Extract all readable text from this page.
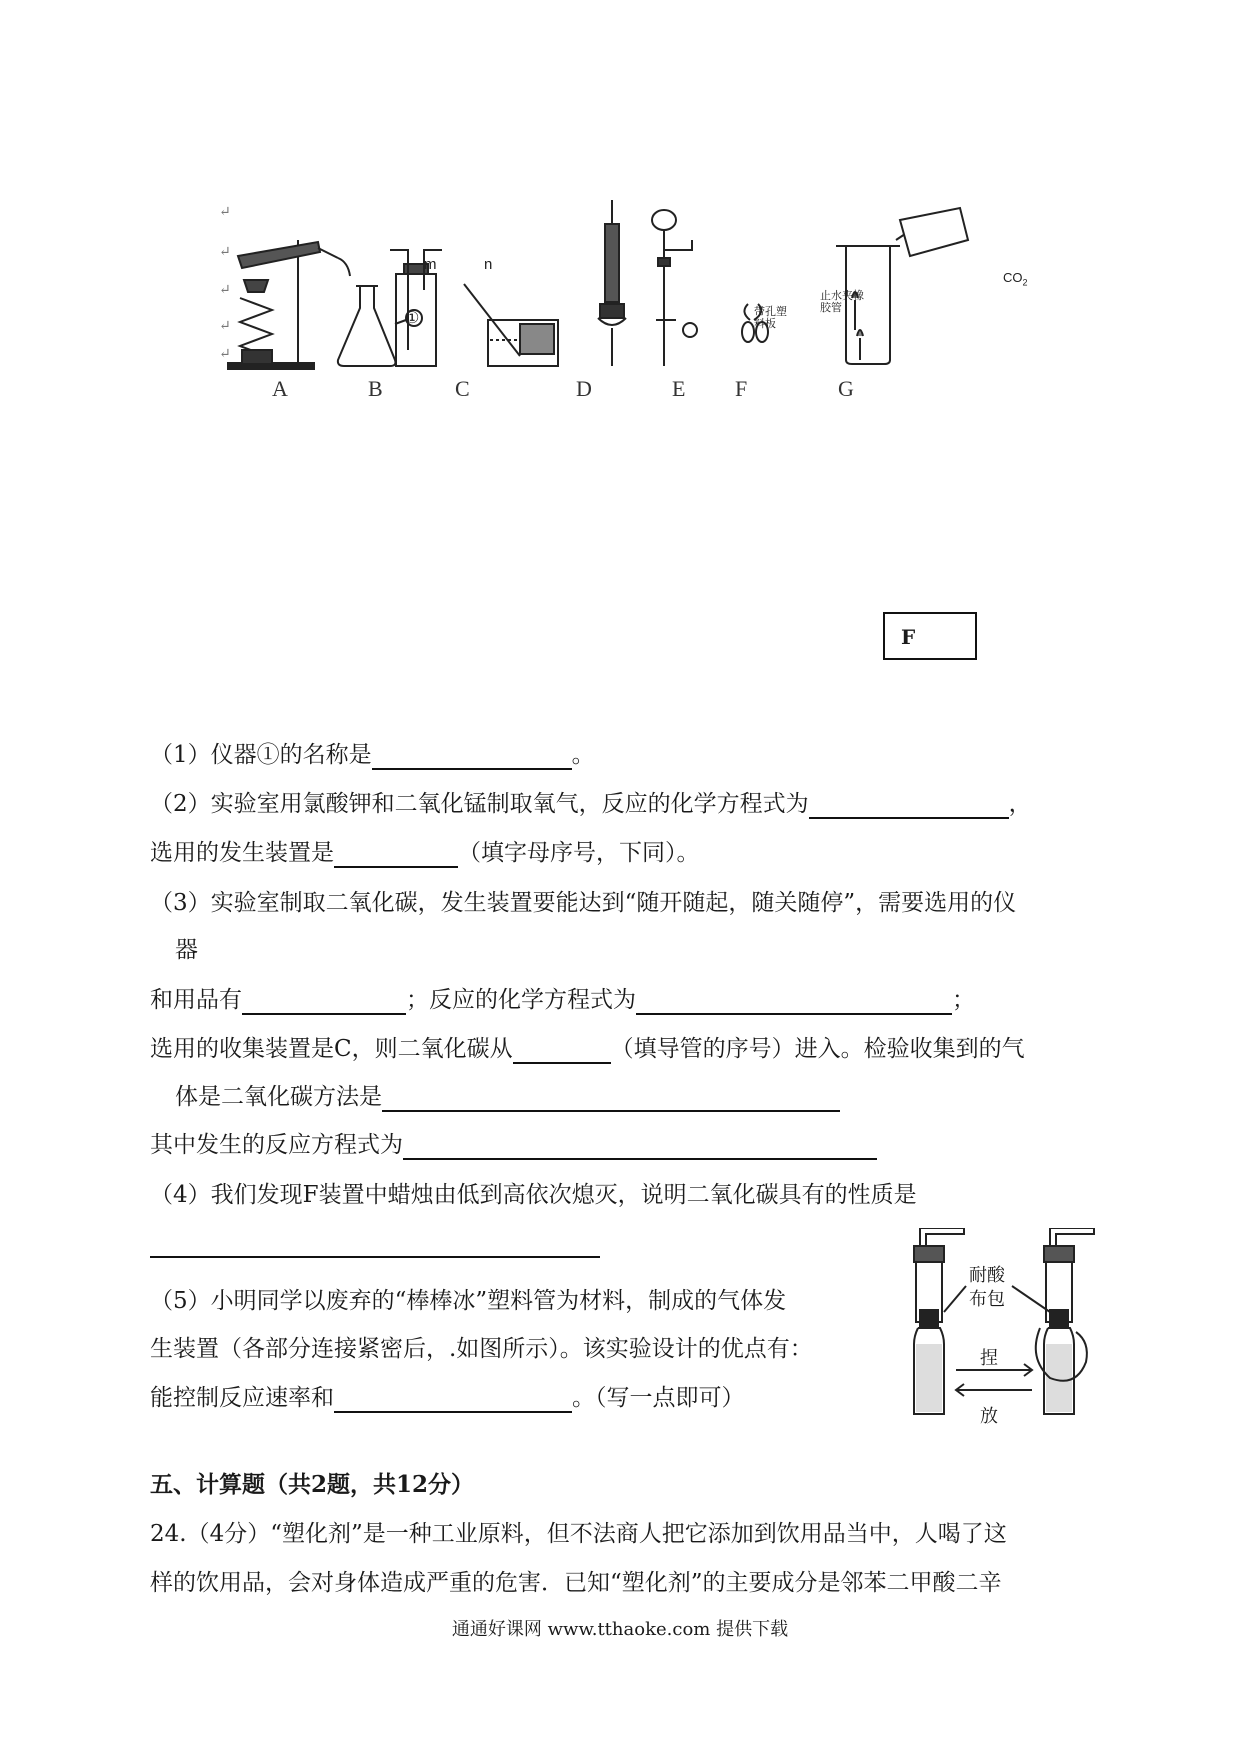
↵
↵
↵
↵
↵
A	B	C	D	E F	G
①
m	n
$CO_2$
带孔塑料板
止水夹橡胶管
F
（1）仪器①的名称是	。
（2）实验室用氯酸钾和二氧化锰制取氧气，反应的化学方程式为	，
选用的发生装置是	（填字母序号，下同）。
（3）实验室制取二氧化碳，发生装置要能达到“随开随起，随关随停”，需要选用的仪
器
和用品有	；反应的化学方程式为	；
选用的收集装置是C，则二氧化碳从	（填导管的序号）进入。检验收集到的气
体是二氧化碳方法是
其中发生的反应方程式为
（4）我们发现F装置中蜡烛由低到高依次熄灭，说明二氧化碳具有的性质是
（5）小明同学以废弃的“棒棒冰”塑料管为材料，制成的气体发
生装置（各部分连接紧密后，.如图所示）。该实验设计的优点有：
能控制反应速率和	。（写一点即可）
耐酸
布包
捏
放
五、计算题（共2题，共12分）
24.（4分）“塑化剂”是一种工业原料，但不法商人把它添加到饮用品当中，人喝了这
样的饮用品，会对身体造成严重的危害．已知“塑化剂”的主要成分是邻苯二甲酸二辛
通通好课网 www.tthaoke.com 提供下载
